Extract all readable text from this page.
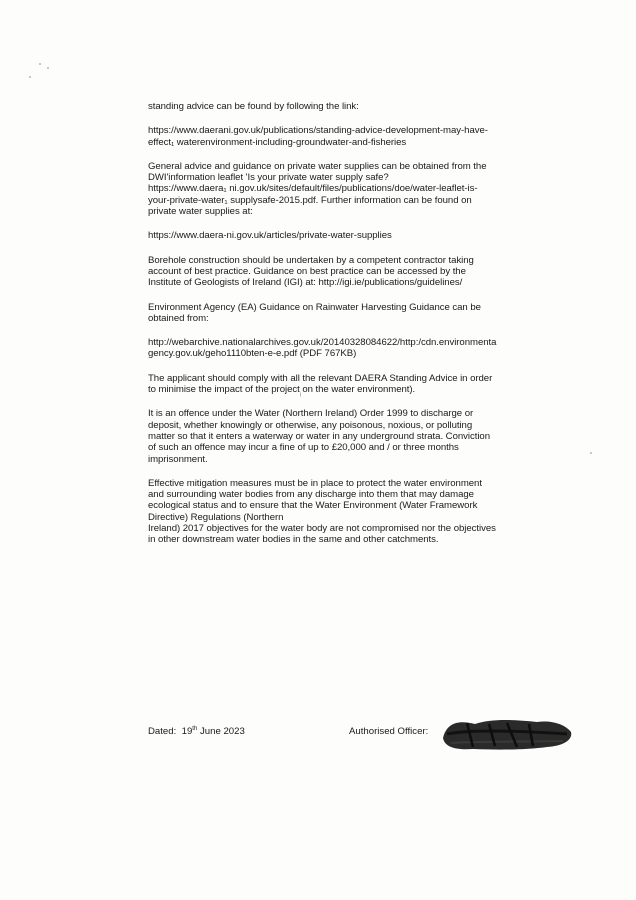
standing advice can be found by following the link:
https://www.daerani.gov.uk/publications/standing-advice-development-may-have-
effect₁ waterenvironment-including-groundwater-and-fisheries
General advice and guidance on private water supplies can be obtained from the
DWI'information leaflet 'Is your private water supply safe?
https://www.daera₁ ni.gov.uk/sites/default/files/publications/doe/water-leaflet-is-
your-private-water₁ supplysafe-2015.pdf. Further information can be found on
private water supplies at:
https://www.daera-ni.gov.uk/articles/private-water-supplies
Borehole construction should be undertaken by a competent contractor taking
account of best practice. Guidance on best practice can be accessed by the
Institute of Geologists of Ireland (IGI) at: http://igi.ie/publications/guidelines/
Environment Agency (EA) Guidance on Rainwater Harvesting Guidance can be
obtained from:
http://webarchive.nationalarchives.gov.uk/20140328084622/http:/cdn.environmenta
gency.gov.uk/geho1110bten-e-e.pdf (PDF 767KB)
The applicant should comply with all the relevant DAERA Standing Advice in order
to minimise the impact of the project on the water environment).
It is an offence under the Water (Northern Ireland) Order 1999 to discharge or
deposit, whether knowingly or otherwise, any poisonous, noxious, or polluting
matter so that it enters a waterway or water in any underground strata. Conviction
of such an offence may incur a fine of up to £20,000 and / or three months
imprisonment.
Effective mitigation measures must be in place to protect the water environment
and surrounding water bodies from any discharge into them that may damage
ecological status and to ensure that the Water Environment (Water Framework
Directive) Regulations (Northern
Ireland) 2017 objectives for the water body are not compromised nor the objectives
in other downstream water bodies in the same and other catchments.
Dated: 19th June 2023	Authorised Officer:
